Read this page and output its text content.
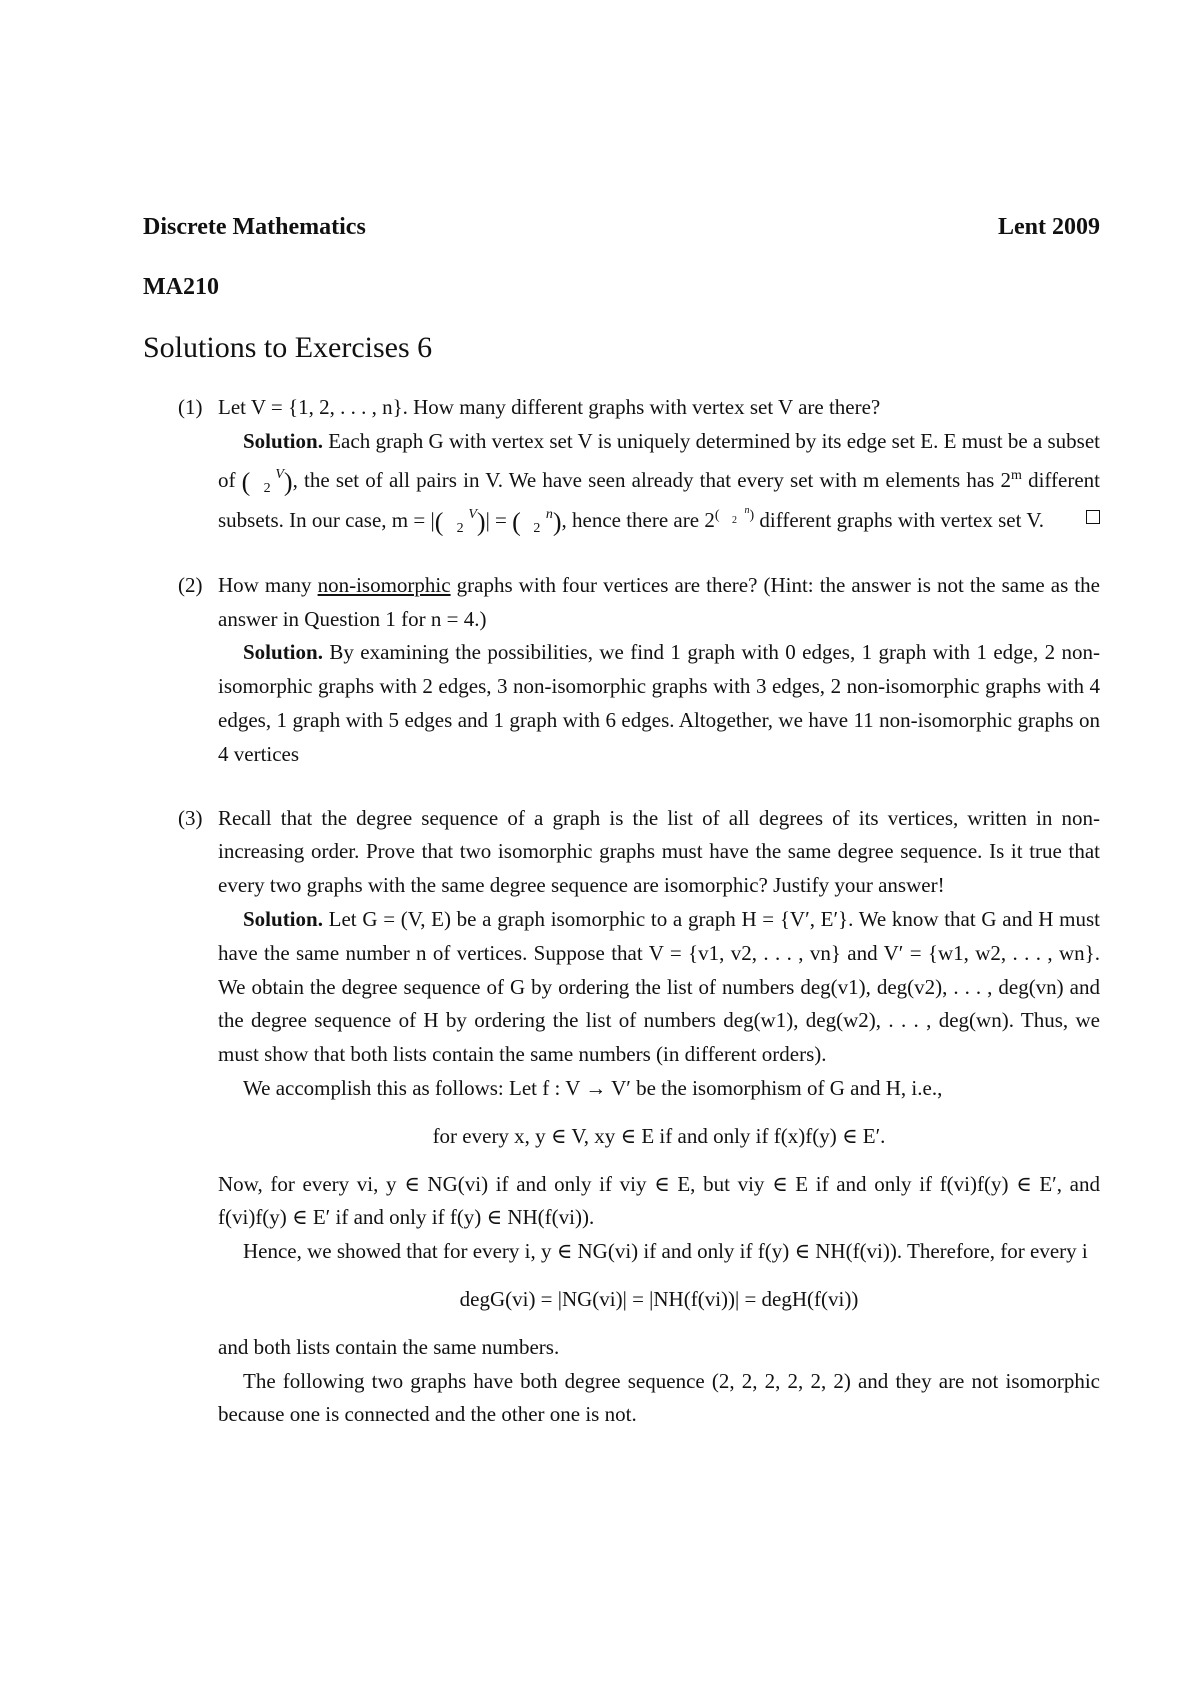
Discrete Mathematics	Lent 2009
MA210
Solutions to Exercises 6
(1) Let V = {1, 2, . . . , n}. How many different graphs with vertex set V are there?
Solution. Each graph G with vertex set V is uniquely determined by its edge set E. E must be a subset of ( V
2 ), the set of all pairs in V. We have seen already that every set with m elements has 2$^m$ different subsets. In our case, m = |( V
2 )| = ( n
2 ), hence there are $2^{( n 2 )}$ different graphs with vertex set V.
(2) How many non-isomorphic graphs with four vertices are there? (Hint: the answer is not the same as the answer in Question 1 for n = 4.)
Solution. By examining the possibilities, we find 1 graph with 0 edges, 1 graph with 1 edge, 2 non-isomorphic graphs with 2 edges, 3 non-isomorphic graphs with 3 edges, 2 non-isomorphic graphs with 4 edges, 1 graph with 5 edges and 1 graph with 6 edges. Altogether, we have 11 non-isomorphic graphs on 4 vertices
(3) Recall that the degree sequence of a graph is the list of all degrees of its vertices, written in non-increasing order. Prove that two isomorphic graphs must have the same degree sequence. Is it true that every two graphs with the same degree sequence are isomorphic? Justify your answer!
Solution. Let G = (V, E) be a graph isomorphic to a graph H = {V′, E′}. We know that G and H must have the same number n of vertices. Suppose that V = {v1, v2, . . . , vn} and V′ = {w1, w2, . . . , wn}. We obtain the degree sequence of G by ordering the list of numbers deg(v1), deg(v2), . . . , deg(vn) and the degree sequence of H by ordering the list of numbers deg(w1), deg(w2), . . . , deg(wn). Thus, we must show that both lists contain the same numbers (in different orders).
We accomplish this as follows: Let f : V → V′ be the isomorphism of G and H, i.e.,
for every x, y ∈ V, xy ∈ E if and only if f(x)f(y) ∈ E′.
Now, for every vi, y ∈ NG(vi) if and only if viy ∈ E, but viy ∈ E if and only if f(vi)f(y) ∈ E′, and f(vi)f(y) ∈ E′ if and only if f(y) ∈ NH(f(vi)).
Hence, we showed that for every i, y ∈ NG(vi) if and only if f(y) ∈ NH(f(vi)). Therefore, for every i
degG(vi) = |NG(vi)| = |NH(f(vi))| = degH(f(vi))
and both lists contain the same numbers.
The following two graphs have both degree sequence (2, 2, 2, 2, 2, 2) and they are not isomorphic because one is connected and the other one is not.
